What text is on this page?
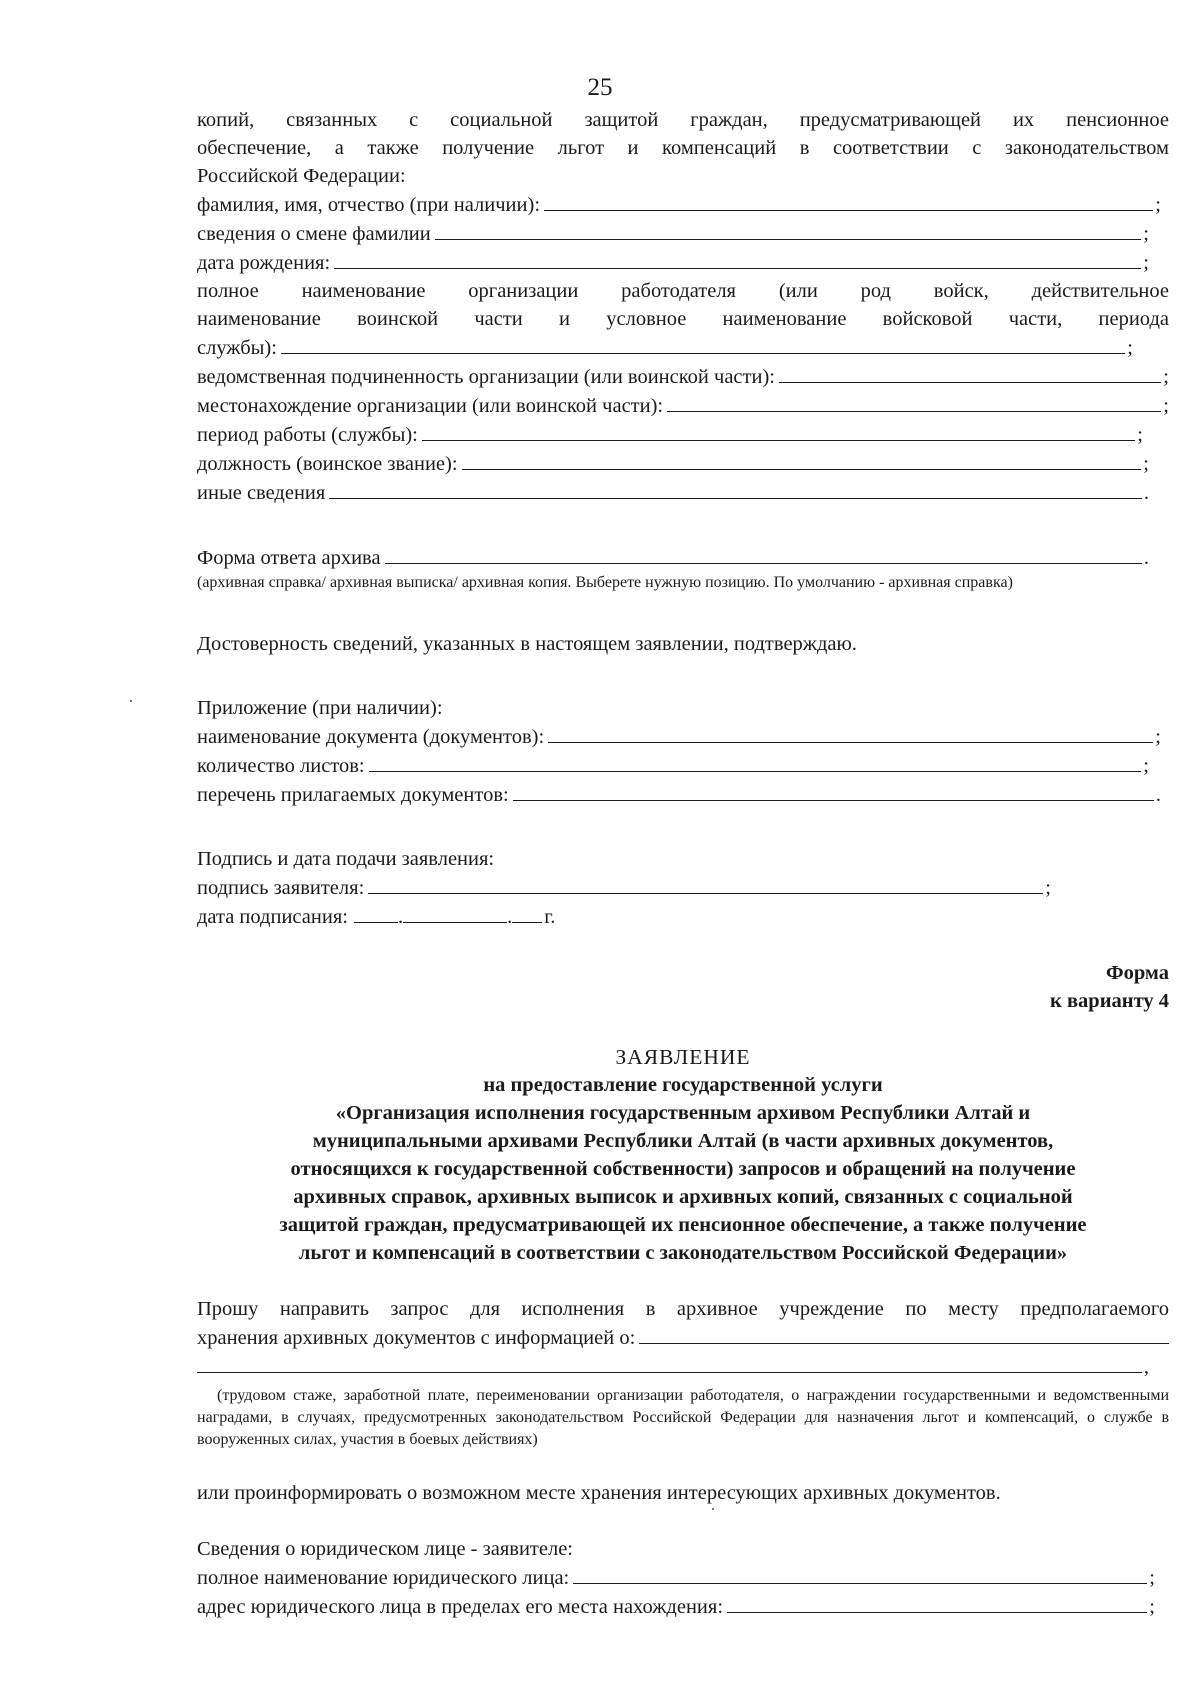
25

копий, связанных с социальной защитой граждан, предусматривающей их пенсионное

обеспечение, а также получение льгот и компенсаций в соответствии с законодательством

Российской Федерации:

фамилия, имя, отчество (при наличии):	;
сведения о смене фамилии	;
дата рождения:	;

полное наименование организации работодателя (или род войск, действительное

наименование воинской части и условное наименование войсковой части, периода

службы):	;
ведомственная подчиненность организации (или воинской части):	;
местонахождение организации (или воинской части):	;
период работы (службы):	;
должность (воинское звание):	;
иные сведения	.
Форма ответа архива	.

(архивная справка/ архивная выписка/ архивная копия. Выберете нужную позицию. По умолчанию - архивная справка)

Достоверность сведений, указанных в настоящем заявлении, подтверждаю.

Приложение (при наличии):

наименование документа (документов):	;
количество листов:	;
перечень прилагаемых документов:	.

Подпись и дата подачи заявления:

подпись заявителя:	;
дата подписания: .	. г.

Форма

к варианту 4

ЗАЯВЛЕНИЕ

на предоставление государственной услуги

«Организация исполнения государственным архивом Республики Алтай и

муниципальными архивами Республики Алтай (в части архивных документов,

относящихся к государственной собственности) запросов и обращений на получение

архивных справок, архивных выписок и архивных копий, связанных с социальной

защитой граждан, предусматривающей их пенсионное обеспечение, а также получение

льгот и компенсаций в соответствии с законодательством Российской Федерации»

Прошу направить запрос для исполнения в архивное учреждение по месту предполагаемого

хранения архивных документов с информацией о:
,

(трудовом стаже, заработной плате, переименовании организации работодателя, о награждении государственными и ведомственными наградами, в случаях, предусмотренных законодательством Российской Федерации для назначения льгот и компенсаций, о службе в вооруженных силах, участия в боевых действиях)

или проинформировать о возможном месте хранения интересующих архивных документов.

Сведения о юридическом лице - заявителе:

полное наименование юридического лица:	;
адрес юридического лица в пределах его места нахождения:	;
